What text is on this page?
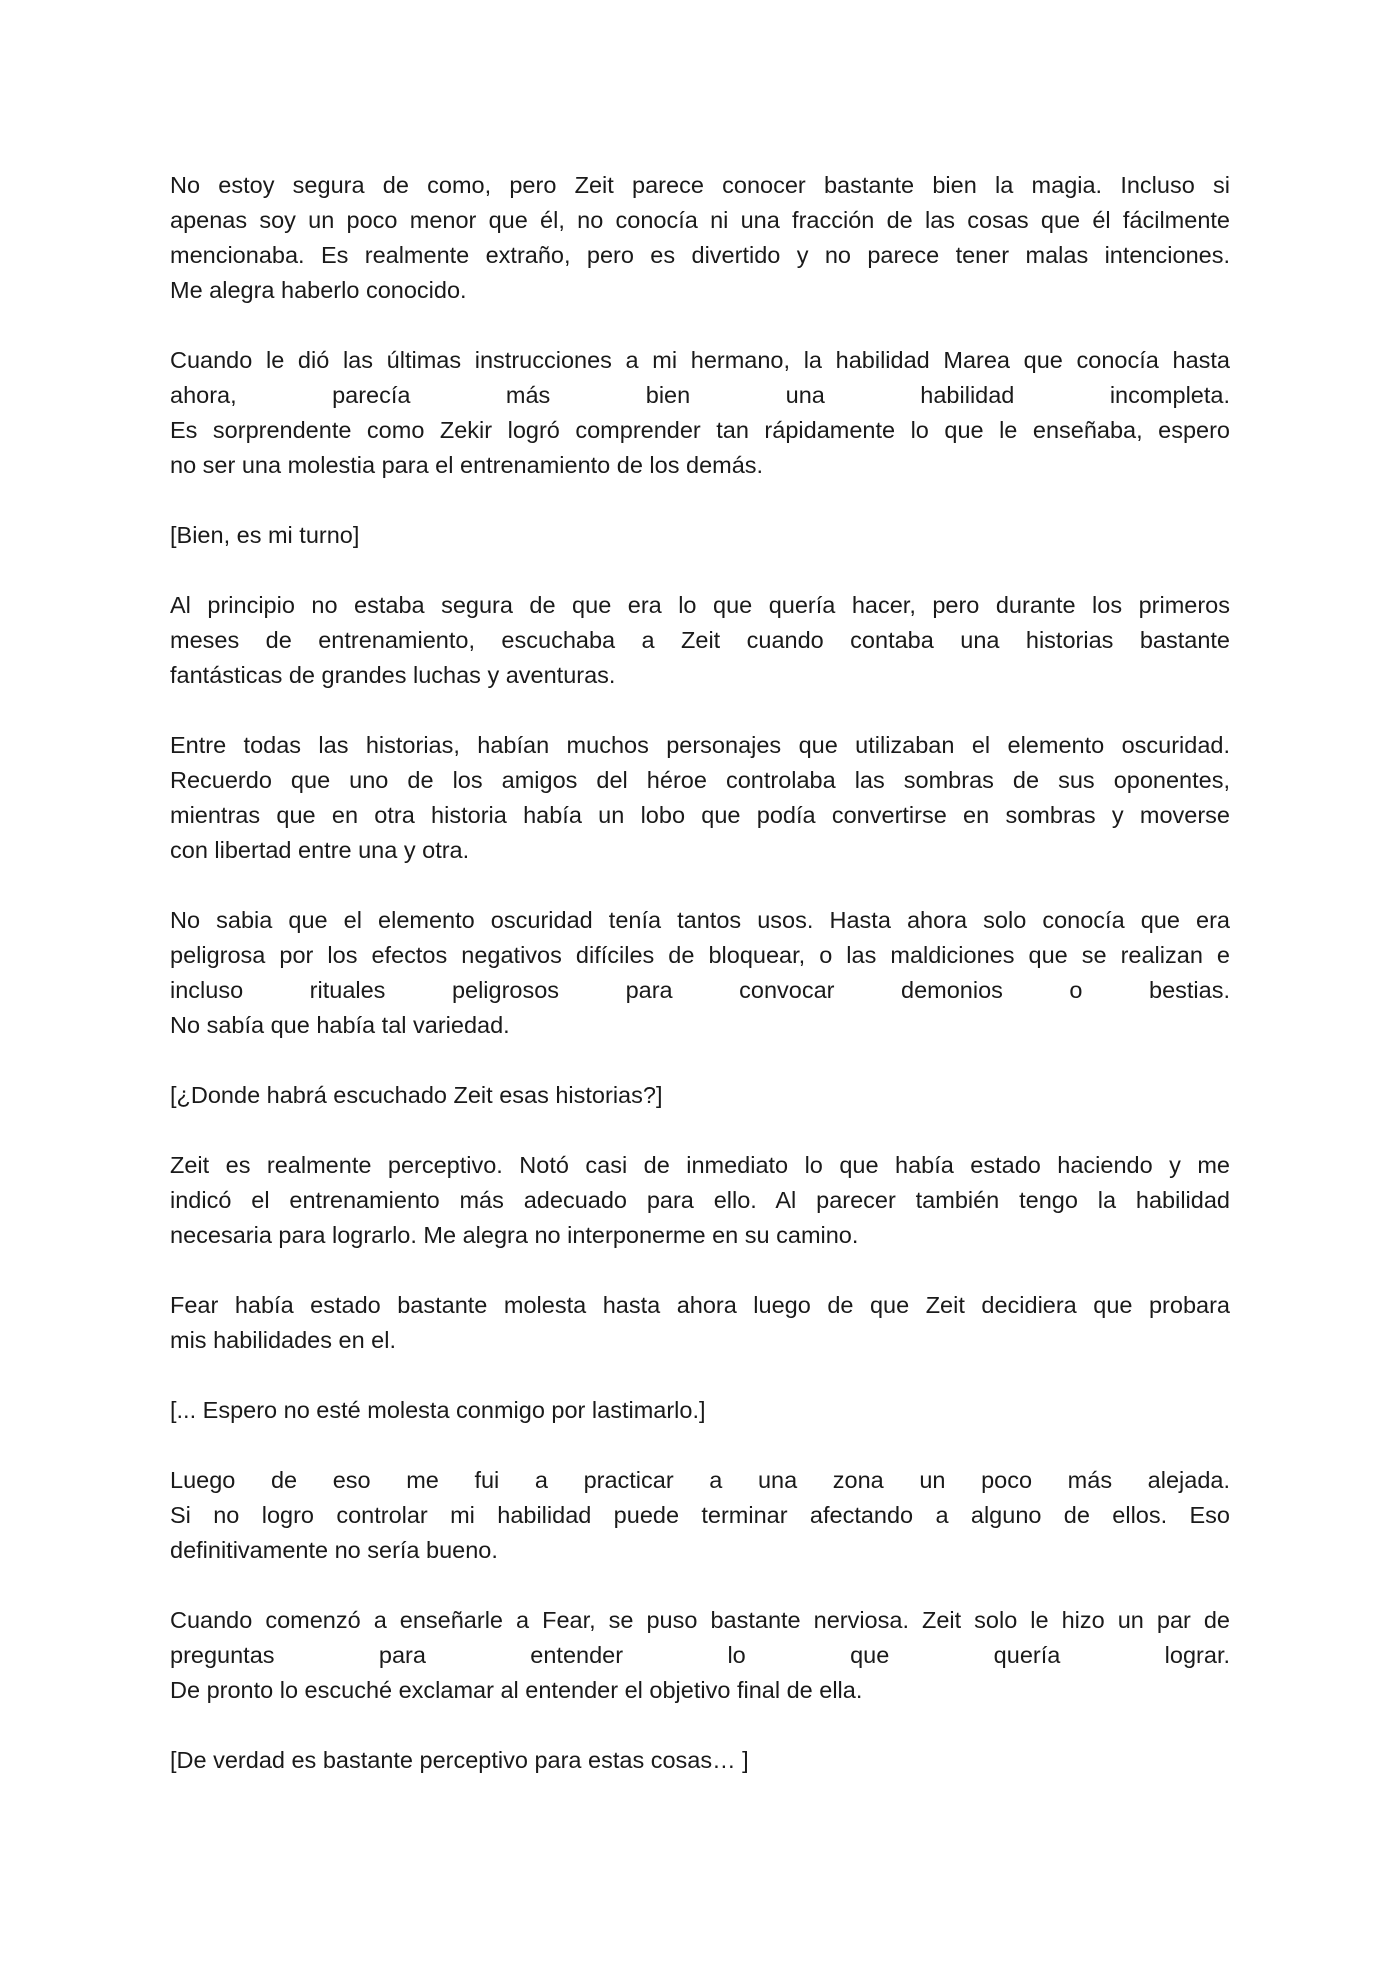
No estoy segura de como, pero Zeit parece conocer bastante bien la magia. Incluso si
apenas soy un poco menor que él, no conocía ni una fracción de las cosas que él fácilmente
mencionaba. Es realmente extraño, pero es divertido y no parece tener malas intenciones.
Me alegra haberlo conocido.

Cuando le dió las últimas instrucciones a mi hermano, la habilidad Marea que conocía hasta
ahora, parecía más bien una habilidad incompleta.
Es sorprendente como Zekir logró comprender tan rápidamente lo que le enseñaba, espero
no ser una molestia para el entrenamiento de los demás.

[Bien, es mi turno]

Al principio no estaba segura de que era lo que quería hacer, pero durante los primeros
meses de entrenamiento, escuchaba a Zeit cuando contaba una historias bastante
fantásticas de grandes luchas y aventuras.

Entre todas las historias, habían muchos personajes que utilizaban el elemento oscuridad.
Recuerdo que uno de los amigos del héroe controlaba las sombras de sus oponentes,
mientras que en otra historia había un lobo que podía convertirse en sombras y moverse
con libertad entre una y otra.

No sabia que el elemento oscuridad tenía tantos usos. Hasta ahora solo conocía que era
peligrosa por los efectos negativos difíciles de bloquear, o las maldiciones que se realizan e
incluso rituales peligrosos para convocar demonios o bestias.
No sabía que había tal variedad.

[¿Donde habrá escuchado Zeit esas historias?]

Zeit es realmente perceptivo. Notó casi de inmediato lo que había estado haciendo y me
indicó el entrenamiento más adecuado para ello. Al parecer también tengo la habilidad
necesaria para lograrlo. Me alegra no interponerme en su camino.

Fear había estado bastante molesta hasta ahora luego de que Zeit decidiera que probara
mis habilidades en el.

[... Espero no esté molesta conmigo por lastimarlo.]

Luego de eso me fui a practicar a una zona un poco más alejada.
Si no logro controlar mi habilidad puede terminar afectando a alguno de ellos. Eso
definitivamente no sería bueno.

Cuando comenzó a enseñarle a Fear, se puso bastante nerviosa. Zeit solo le hizo un par de
preguntas para entender lo que quería lograr.
De pronto lo escuché exclamar al entender el objetivo final de ella.

[De verdad es bastante perceptivo para estas cosas… ]
